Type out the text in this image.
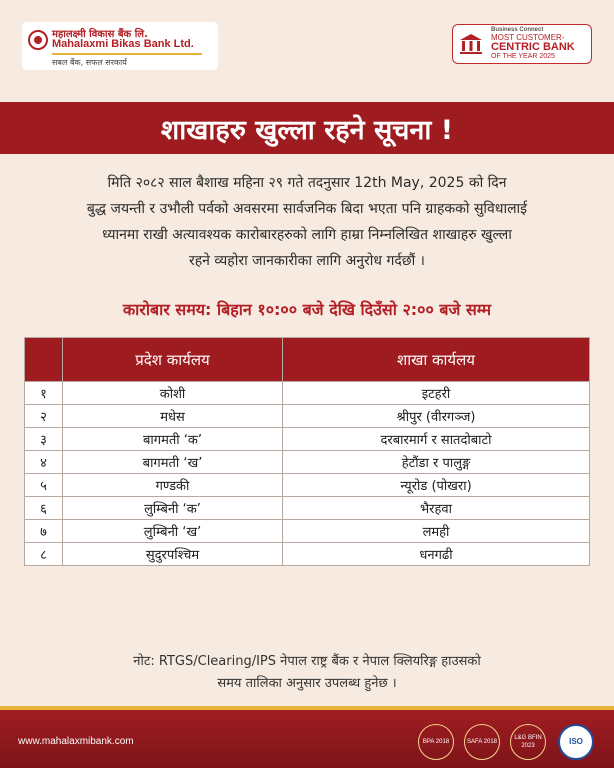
महालक्ष्मी विकास बैंक लि.
Mahalaxmi Bikas Bank Ltd.
सबल बैंक, सफल सरकार्य
Business Connect
MOST CUSTOMER-
CENTRIC BANK
OF THE YEAR 2025
शाखाहरु खुल्ला रहने सूचना !
मिति २०८२ साल बैशाख महिना २९ गते तदनुसार 12th May, 2025 को दिन
बुद्ध जयन्ती र उभौली पर्वको अवसरमा सार्वजनिक बिदा भएता पनि ग्राहकको सुविधालाई
ध्यानमा राखी अत्यावश्यक कारोबारहरुको लागि हाम्रा निम्नलिखित शाखाहरु खुल्ला
रहने व्यहोरा जानकारीका लागि अनुरोध गर्दछौं ।
कारोबार समय: बिहान १०:०० बजे देखि दिउँसो २:०० बजे सम्म
	प्रदेश कार्यलय	शाखा कार्यलय
१	कोशी	इटहरी
२	मधेस	श्रीपुर (वीरगञ्ज)
३	बागमती ‘क’	दरबारमार्ग र सातदोबाटो
४	बागमती ‘ख’	हेटौंडा र पालुङ्ग
५	गण्डकी	न्यूरोड (पोखरा)
६	लुम्बिनी ‘क’	भैरहवा
७	लुम्बिनी ‘ख’	लमही
८	सुदुरपश्चिम	धनगढी
नोट: RTGS/Clearing/IPS नेपाल राष्ट्र बैंक र नेपाल क्लियरिङ्ग हाउसको
समय तालिका अनुसार उपलब्ध हुनेछ ।
www.mahalaxmibank.com	BPA 2018	SAFA 2018
L&G BFIN 2023	ISO
